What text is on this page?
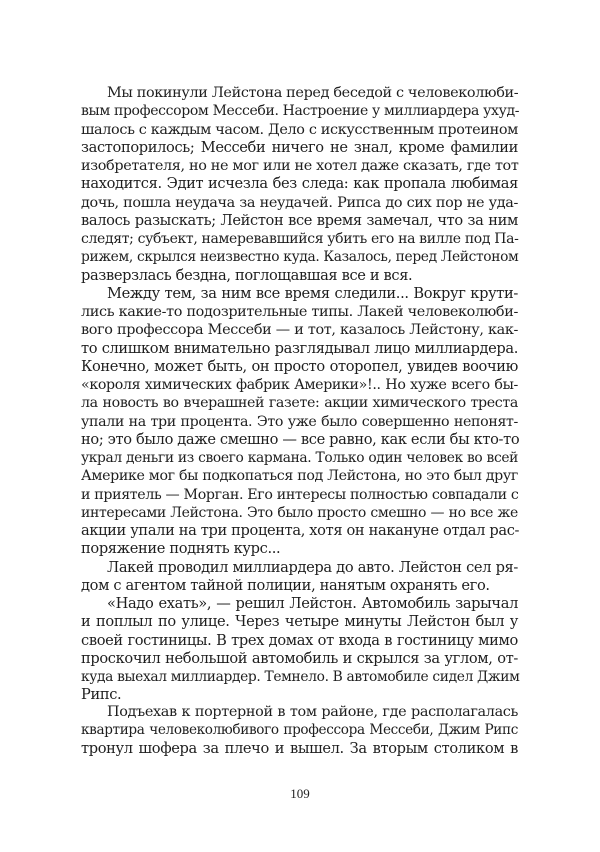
Мы покинули Лейстона перед беседой с человеколюби-
вым профессором Мессеби. Настроение у миллиардера ухуд-
шалось с каждым часом. Дело с искусственным протеином
застопорилось; Мессеби ничего не знал, кроме фамилии
изобретателя, но не мог или не хотел даже сказать, где тот
находится. Эдит исчезла без следа: как пропала любимая
дочь, пошла неудача за неудачей. Рипса до сих пор не уда-
валось разыскать; Лейстон все время замечал, что за ним
следят; субъект, намеревавшийся убить его на вилле под Па-
рижем, скрылся неизвестно куда. Казалось, перед Лейстоном
разверзлась бездна, поглощавшая все и вся.
Между тем, за ним все время следили... Вокруг крути-
лись какие-то подозрительные типы. Лакей человеколюби-
вого профессора Мессеби — и тот, казалось Лейстону, как-
то слишком внимательно разглядывал лицо миллиардера.
Конечно, может быть, он просто оторопел, увидев воочию
«короля химических фабрик Америки»!.. Но хуже всего бы-
ла новость во вчерашней газете: акции химического треста
упали на три процента. Это уже было совершенно непонят-
но; это было даже смешно — все равно, как если бы кто-то
украл деньги из своего кармана. Только один человек во всей
Америке мог бы подкопаться под Лейстона, но это был друг
и приятель — Морган. Его интересы полностью совпадали с
интересами Лейстона. Это было просто смешно — но все же
акции упали на три процента, хотя он накануне отдал рас-
поряжение поднять курс...
Лакей проводил миллиардера до авто. Лейстон сел ря-
дом с агентом тайной полиции, нанятым охранять его.
«Надо ехать», — решил Лейстон. Автомобиль зарычал
и поплыл по улице. Через четыре минуты Лейстон был у
своей гостиницы. В трех домах от входа в гостиницу мимо
проскочил небольшой автомобиль и скрылся за углом, от-
куда выехал миллиардер. Темнело. В автомобиле сидел Джим
Рипс.
Подъехав к портерной в том районе, где располагалась
квартира человеколюбивого профессора Мессеби, Джим Рипс
тронул шофера за плечо и вышел. За вторым столиком в
109
